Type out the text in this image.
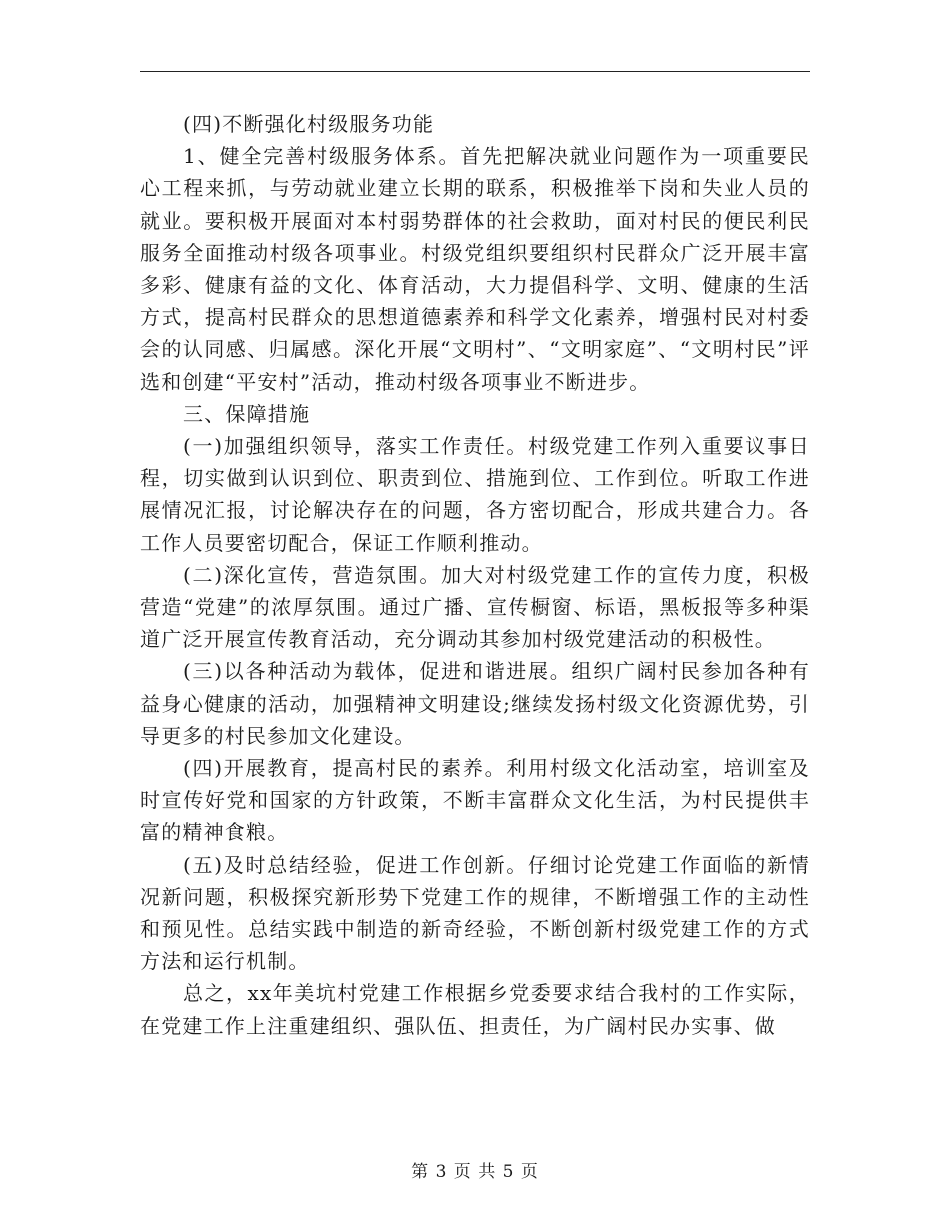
(四)不断强化村级服务功能

1、健全完善村级服务体系。首先把解决就业问题作为一项重要民心工程来抓，与劳动就业建立长期的联系，积极推举下岗和失业人员的就业。要积极开展面对本村弱势群体的社会救助，面对村民的便民利民服务全面推动村级各项事业。村级党组织要组织村民群众广泛开展丰富多彩、健康有益的文化、体育活动，大力提倡科学、文明、健康的生活方式，提高村民群众的思想道德素养和科学文化素养，增强村民对村委会的认同感、归属感。深化开展“文明村”、“文明家庭”、“文明村民”评选和创建“平安村”活动，推动村级各项事业不断进步。

三、保障措施

(一)加强组织领导，落实工作责任。村级党建工作列入重要议事日程，切实做到认识到位、职责到位、措施到位、工作到位。听取工作进展情况汇报，讨论解决存在的问题，各方密切配合，形成共建合力。各工作人员要密切配合，保证工作顺利推动。

(二)深化宣传，营造氛围。加大对村级党建工作的宣传力度，积极营造“党建”的浓厚氛围。通过广播、宣传橱窗、标语，黑板报等多种渠道广泛开展宣传教育活动，充分调动其参加村级党建活动的积极性。

(三)以各种活动为载体，促进和谐进展。组织广阔村民参加各种有益身心健康的活动，加强精神文明建设;继续发扬村级文化资源优势，引导更多的村民参加文化建设。

(四)开展教育，提高村民的素养。利用村级文化活动室，培训室及时宣传好党和国家的方针政策，不断丰富群众文化生活，为村民提供丰富的精神食粮。

(五)及时总结经验，促进工作创新。仔细讨论党建工作面临的新情况新问题，积极探究新形势下党建工作的规律，不断增强工作的主动性和预见性。总结实践中制造的新奇经验，不断创新村级党建工作的方式方法和运行机制。

总之，xx年美坑村党建工作根据乡党委要求结合我村的工作实际，在党建工作上注重建组织、强队伍、担责任，为广阔村民办实事、做

第 3 页 共 5 页
